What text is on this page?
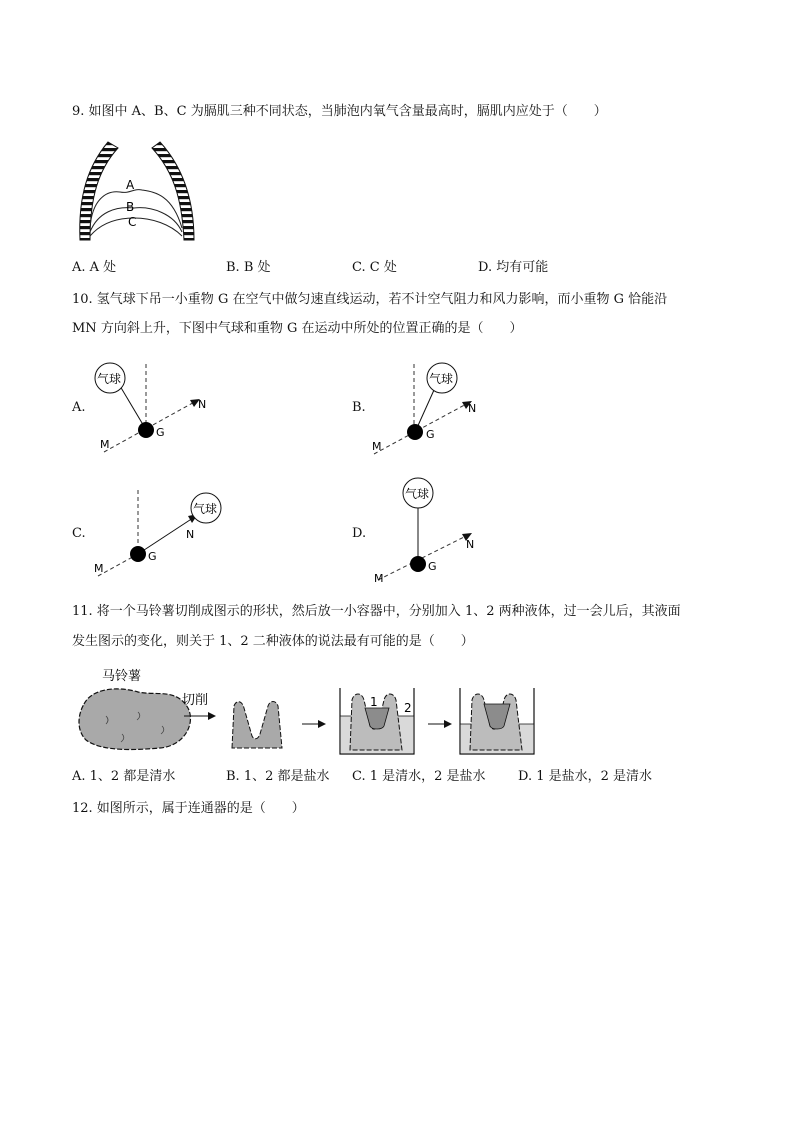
9. 如图中 A、B、C 为膈肌三种不同状态，当肺泡内氧气含量最高时，膈肌内应处于（　　）
A
B
C
A. A 处	B. B 处	C. C 处	D. 均有可能
10. 氢气球下吊一小重物 G 在空气中做匀速直线运动，若不计空气阻力和风力影响，而小重物 G 恰能沿
MN 方向斜上升，下图中气球和重物 G 在运动中所处的位置正确的是（　　）
A.
气球
G
M
N	B.
气球
G
M
N
C.
气球
G
M
N	D.
气球
G
M
N
11. 将一个马铃薯切削成图示的形状，然后放一小容器中，分别加入 1、2 两种液体，过一会儿后，其液面
发生图示的变化，则关于 1、2 二种液体的说法最有可能的是（　　）
马铃薯
切削	1 2
A. 1、2 都是清水	B. 1、2 都是盐水 C. 1 是清水，2 是盐水 D. 1 是盐水，2 是清水
12. 如图所示，属于连通器的是（　　）
